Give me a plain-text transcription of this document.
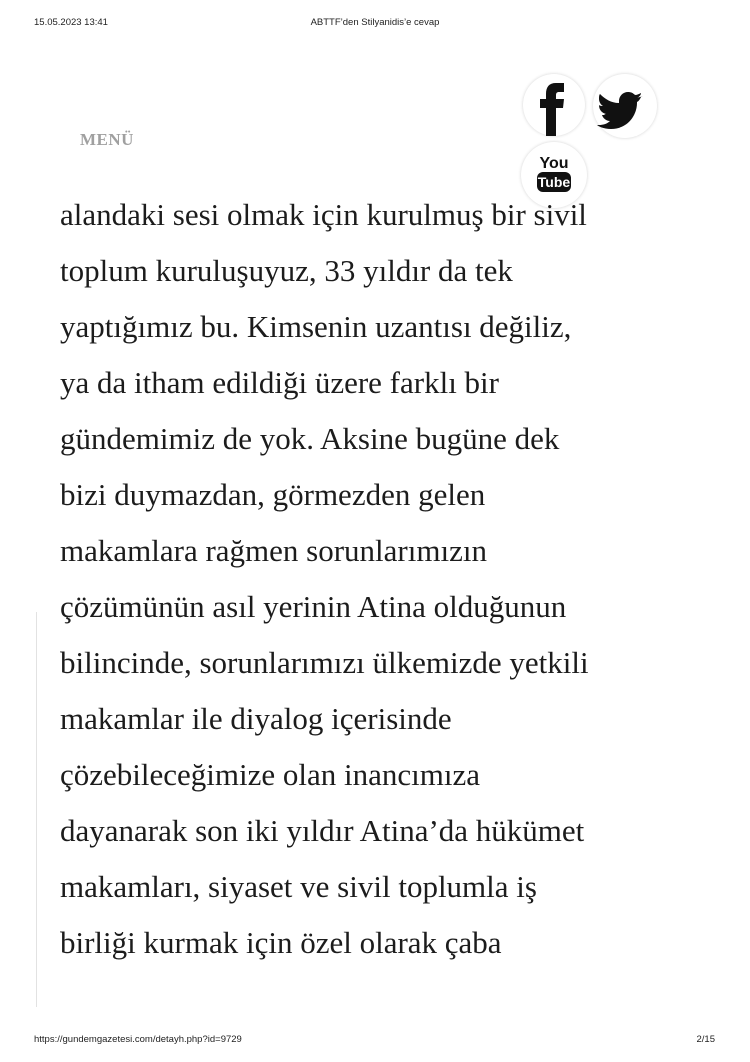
15.05.2023 13:41	ABTTF’den Stilyanidis’e cevap
MENÜ
You
Tube
alandaki sesi olmak için kurulmuş bir sivil
toplum kuruluşuyuz, 33 yıldır da tek
yaptığımız bu. Kimsenin uzantısı değiliz,
ya da itham edildiği üzere farklı bir
gündemimiz de yok. Aksine bugüne dek
bizi duymazdan, görmezden gelen
makamlara rağmen sorunlarımızın
çözümünün asıl yerinin Atina olduğunun
bilincinde, sorunlarımızı ülkemizde yetkili
makamlar ile diyalog içerisinde
çözebileceğimize olan inancımıza
dayanarak son iki yıldır Atina’da hükümet
makamları, siyaset ve sivil toplumla iş
birliği kurmak için özel olarak çaba
https://gundemgazetesi.com/detayh.php?id=9729	2/15
